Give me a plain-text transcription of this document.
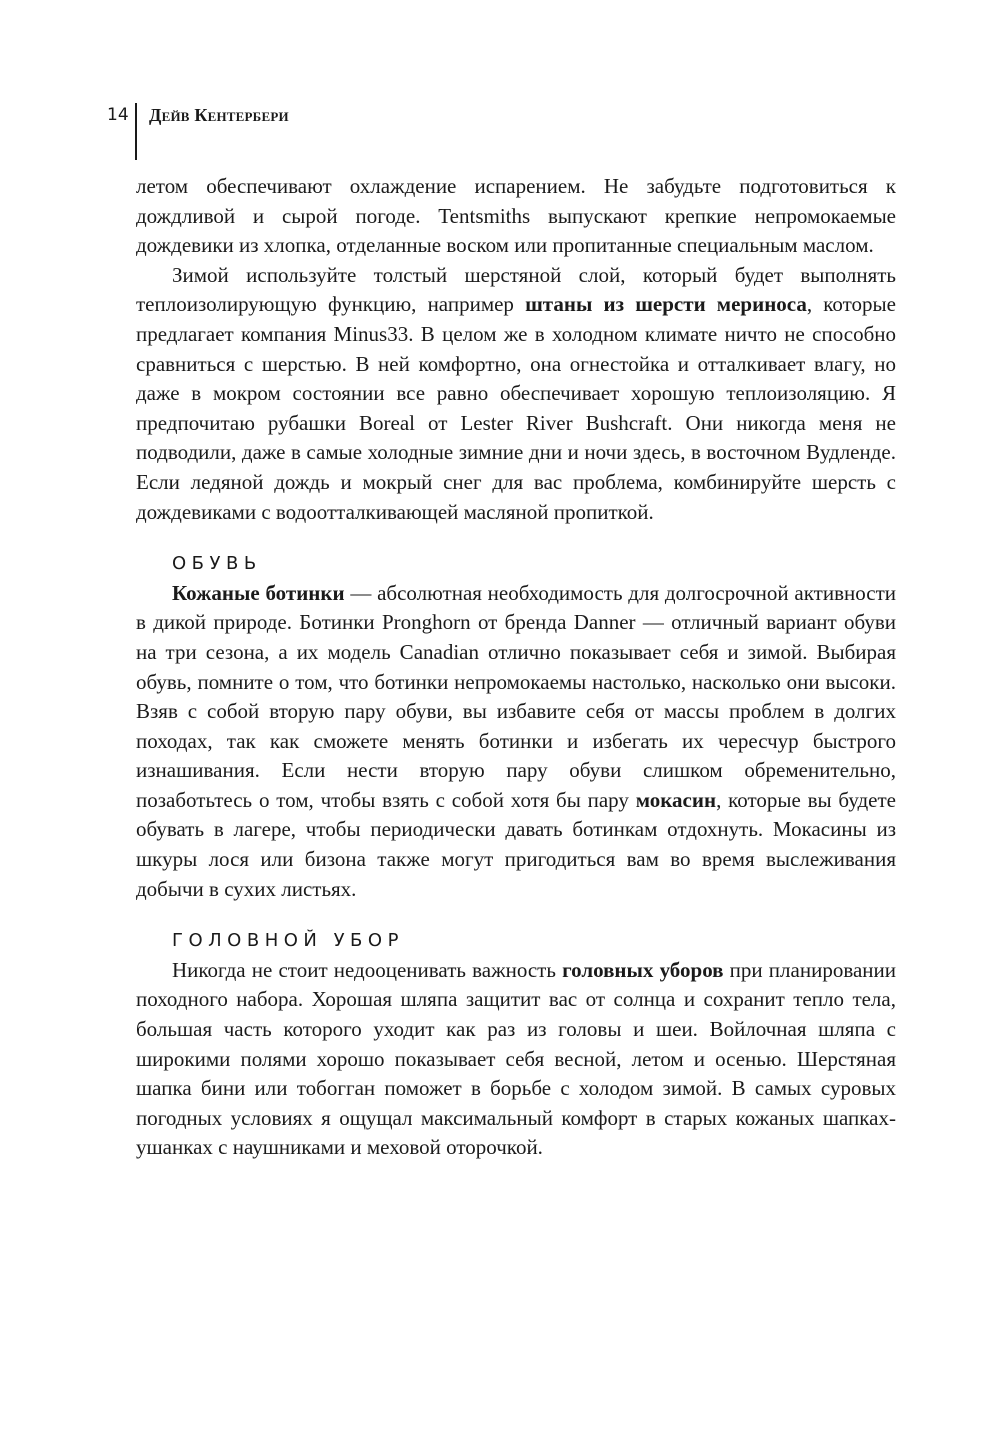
14 Дейв Кентербери

летом обеспечивают охлаждение испарением. Не забудьте подготовиться к дождливой и сырой погоде. Tentsmiths выпускают крепкие непромокаемые дождевики из хлопка, отделанные воском или пропитанные специальным маслом.

Зимой используйте толстый шерстяной слой, который будет выполнять теплоизолирующую функцию, например штаны из шерсти мериноса, которые предлагает компания Minus33. В целом же в холодном климате ничто не способно сравниться с шерстью. В ней комфортно, она огнестойка и отталкивает влагу, но даже в мокром состоянии все равно обеспечивает хорошую теплоизоляцию. Я предпочитаю рубашки Boreal от Lester River Bushcraft. Они никогда меня не подводили, даже в самые холодные зимние дни и ночи здесь, в восточном Вудленде. Если ледяной дождь и мокрый снег для вас проблема, комбинируйте шерсть с дождевиками с водоотталкивающей масляной пропиткой.

ОБУВЬ

Кожаные ботинки — абсолютная необходимость для долгосрочной активности в дикой природе. Ботинки Pronghorn от бренда Danner — отличный вариант обуви на три сезона, а их модель Canadian отлично показывает себя и зимой. Выбирая обувь, помните о том, что ботинки непромокаемы настолько, насколько они высоки. Взяв с собой вторую пару обуви, вы избавите себя от массы проблем в долгих походах, так как сможете менять ботинки и избегать их чересчур быстрого изнашивания. Если нести вторую пару обуви слишком обременительно, позаботьтесь о том, чтобы взять с собой хотя бы пару мокасин, которые вы будете обувать в лагере, чтобы периодически давать ботинкам отдохнуть. Мокасины из шкуры лося или бизона также могут пригодиться вам во время выслеживания добычи в сухих листьях.

ГОЛОВНОЙ УБОР

Никогда не стоит недооценивать важность головных уборов при планировании походного набора. Хорошая шляпа защитит вас от солнца и сохранит тепло тела, большая часть которого уходит как раз из головы и шеи. Войлочная шляпа с широкими полями хорошо показывает себя весной, летом и осенью. Шерстяная шапка бини или тобогган поможет в борьбе с холодом зимой. В самых суровых погодных условиях я ощущал максимальный комфорт в старых кожаных шапках-ушанках с наушниками и меховой оторочкой.
